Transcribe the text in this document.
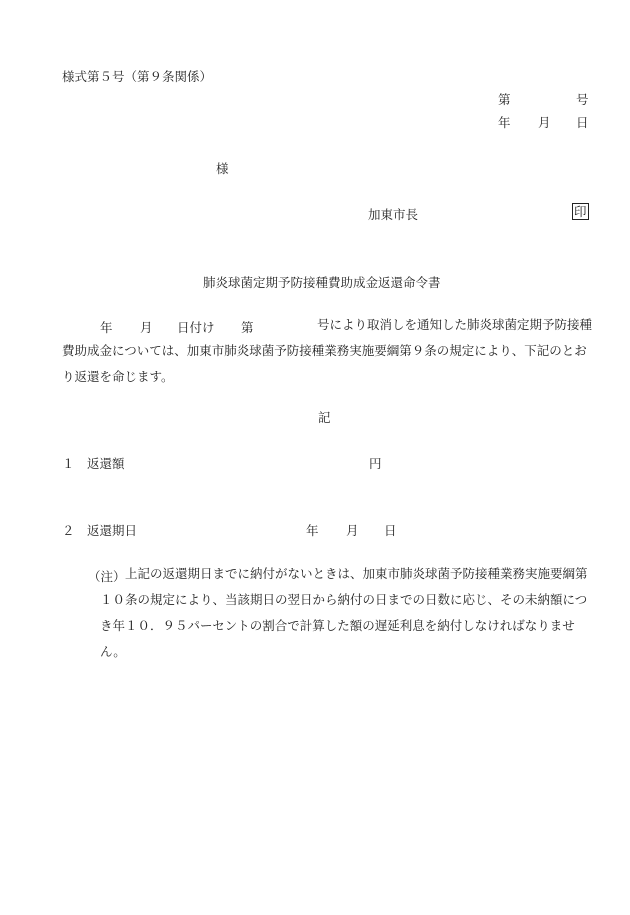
様式第５号（第９条関係）
第	号
年 月 日
様
加東市長	印
肺炎球菌定期予防接種費助成金返還命令書
年 月 日付け 第	号により取消しを通知した肺炎球菌定期予防接種費助成金については、加東市肺炎球菌予防接種業務実施要綱第９条の規定により、下記のとおり返還を命じます。
記
１ 返還額	円
２ 返還期日	年 月 日
（注） 上記の返還期日までに納付がないときは、加東市肺炎球菌予防接種業務実施要綱第１０条の規定により、当該期日の翌日から納付の日までの日数に応じ、その未納額につき年１０．９５パーセントの割合で計算した額の遅延利息を納付しなければなりません。
